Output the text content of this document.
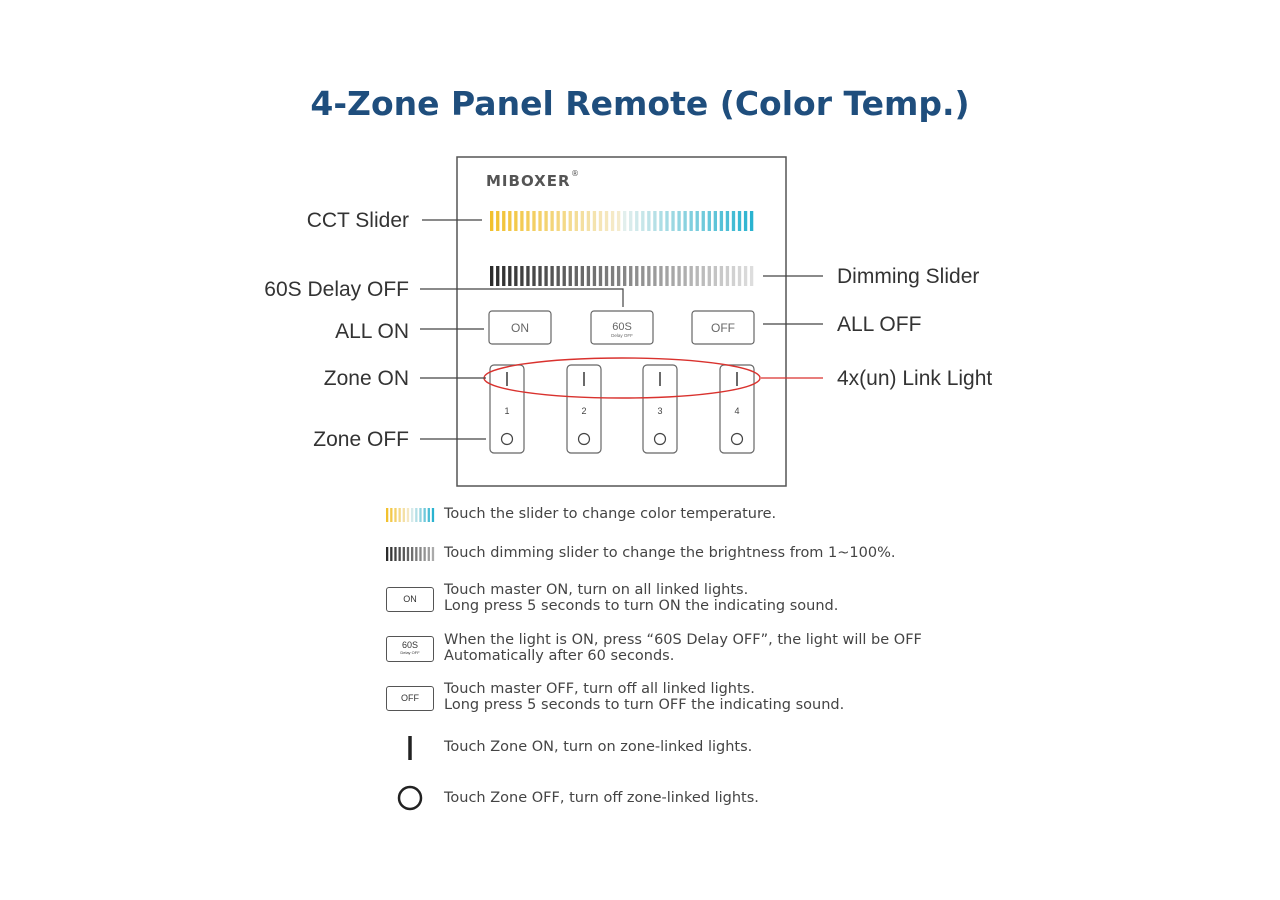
4-Zone Panel Remote (Color Temp.)
MIBOXER ®
ON	60S
Delay OFF
OFF
1	2	3	4
CCT Slider
60S Delay OFF
ALL ON
Zone ON
Zone OFF
Dimming Slider
ALL OFF
4x(un) Link Light
ON
60S
Delay OFF
OFF
Touch the slider to change color temperature.
Touch dimming slider to change the brightness from 1~100%.
Touch master ON, turn on all linked lights.
Long press 5 seconds to turn ON the indicating sound.
When the light is ON, press “60S Delay OFF”, the light will be OFF
Automatically after 60 seconds.
Touch master OFF, turn off all linked lights.
Long press 5 seconds to turn OFF the indicating sound.
Touch Zone ON, turn on zone-linked lights.
Touch Zone OFF, turn off zone-linked lights.
